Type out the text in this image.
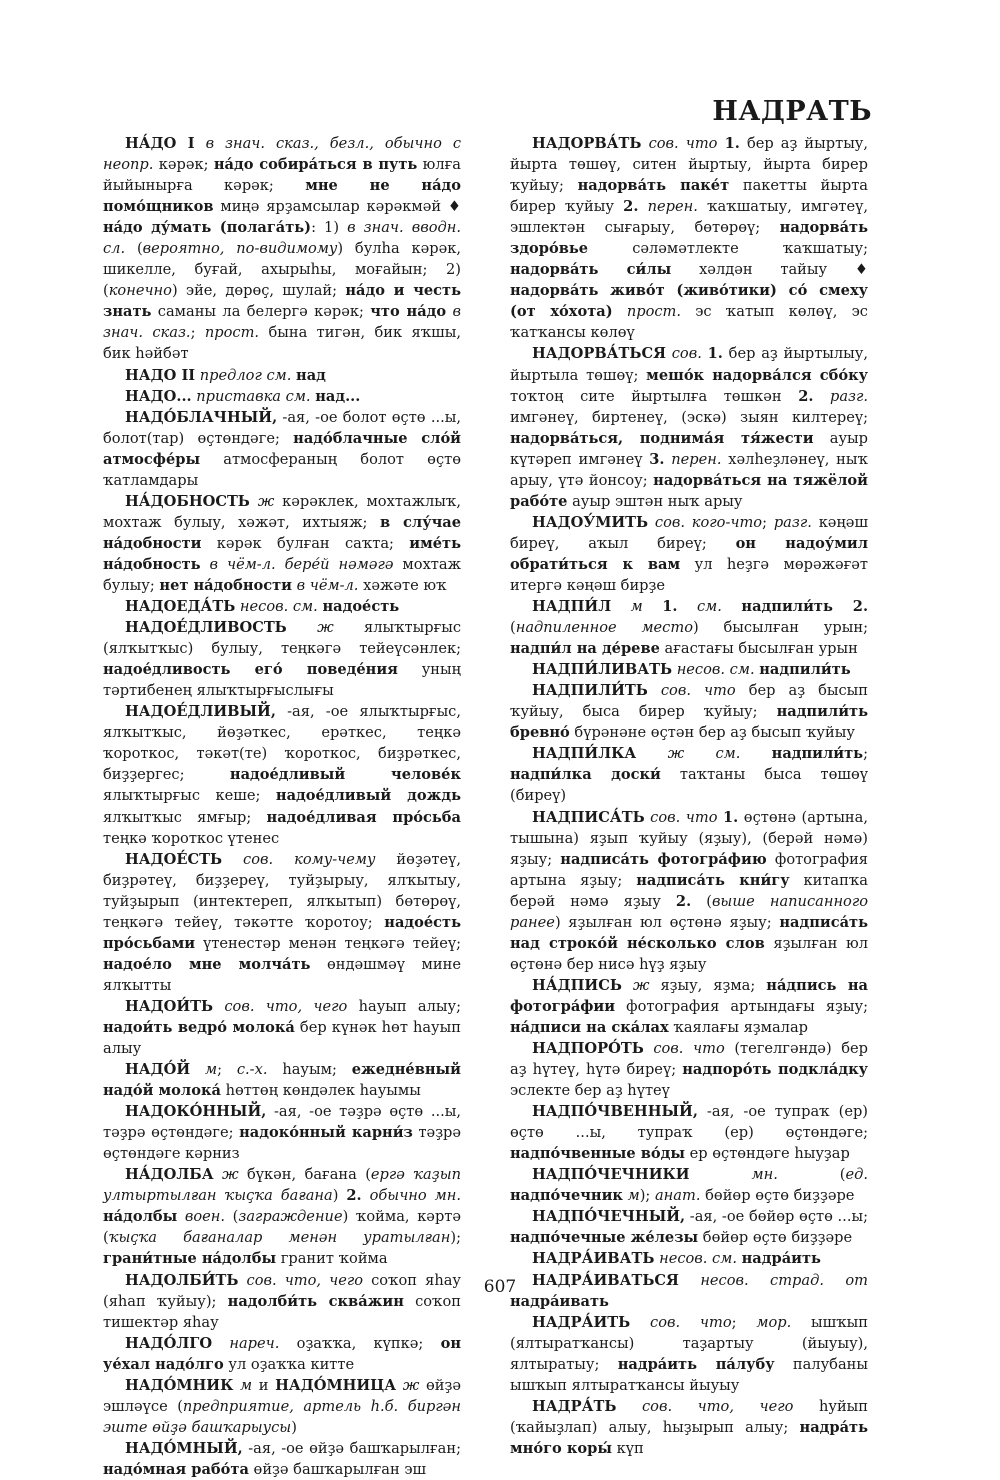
НАДРАТЬ

НА́ДО I в знач. сказ., безл., обычно с неопр. кәрәк; на́до собира́ться в путь юлға йыйынырға кәрәк; мне не на́до помо́щников миңә ярҙамсылар кәрәкмәй ♦ на́до ду́мать (полага́ть): 1) в знач. вводн. сл. (вероятно, по-видимому) булһа кәрәк, шикелле, буғай, ахырыһы, моғайын; 2) (конечно) эйе, дөрөҫ, шулай; на́до и честь знать саманы ла белергә кәрәк; что на́до в знач. сказ.; прост. бына тигән, бик яҡшы, бик һәйбәт

НАДО II предлог см. над

НАДО... приставка см. над...

НАДО́БЛАЧНЫЙ, -ая, -ое болот өҫтө ...ы, болот(тар) өҫтөндәге; надо́блачные сло́й атмосфе́ры атмосфераның болот өҫтө ҡатламдары

НА́ДОБНОСТЬ ж кәрәклек, мохтажлыҡ, мохтаж булыу, хәжәт, ихтыяж; в слу́чае на́добности кәрәк булған саҡта; име́ть на́добность в чём-л. бере́й нәмәгә мохтаж булыу; нет на́добности в чём-л. хәжәте юҡ

НАДОЕДА́ТЬ несов. см. надое́сть

НАДОЕ́ДЛИВОСТЬ ж ялыҡтырғыс (ялҡытҡыс) булыу, теңкәгә тейеүсәнлек; надое́дливость его́ поведе́ния уның тәртибенең ялыҡтырғыслығы

НАДОЕ́ДЛИВЫЙ, -ая, -ое ялыҡтырғыс, ялҡытҡыс, йөҙәткес, ерәткес, теңкә ҡороткос, тәкәт(те) ҡороткос, биҙрәткес, биҙҙергес; надое́дливый челове́к ялыҡтырғыс кеше; надое́дливый дождь ялҡытҡыс ямғыр; надое́дливая про́сьба теңкә ҡороткос үтенес

НАДОЕ́СТЬ сов. кому-чему йөҙәтеү, биҙрәтеү, биҙҙереү, туйҙырыу, ялҡытыу, туйҙырып (интектереп, ялҡытып) бөтөрөү, теңкәгә тейеү, тәкәтте ҡоротоу; надое́сть про́сьбами үтенестәр менән теңкәгә тейеү; надое́ло мне молча́ть өндәшмәү мине ялҡытты

НАДОИ́ТЬ сов. что, чего һауып алыу; надои́ть ведро́ молока́ бер күнәк һөт һауып алыу

НАДО́Й м; с.-х. һауым; ежедне́вный надо́й молока́ һөттөң көндәлек һауымы

НАДОКО́ННЫЙ, -ая, -ое тәҙрә өҫтө ...ы, тәҙрә өҫтөндәге; надоко́нный карни́з тәҙрә өҫтөндәге кәрниз

НА́ДОЛБА ж бүкән, бағана (ергә ҡаҙып ултыртылған ҡыҫҡа бағана) 2. обычно мн. на́долбы воен. (заграждение) ҡойма, кәртә (ҡыҫҡа бағаналар менән уратылған); грани́тные на́долбы гранит ҡойма

НАДОЛБИ́ТЬ сов. что, чего соҡоп яһау (яһап ҡуйыу); надолби́ть сква́жин соҡоп тишектәр яһау

НАДО́ЛГО нареч. оҙаҡҡа, күпкә; он уе́хал надо́лго ул оҙаҡҡа китте

НАДО́МНИК м и НАДО́МНИЦА ж өйҙә эшләүсе (предприятие, артель һ.б. биргән эште өйҙә башҡарыусы)

НАДО́МНЫЙ, -ая, -ое өйҙә башҡарылған; надо́мная рабо́та өйҙә башҡарылған эш

НАДОРВА́ТЬ сов. что 1. бер аҙ йыртыу, йырта төшөү, ситен йыртыу, йырта бирер ҡуйыу; надорва́ть паке́т пакетты йырта бирер ҡуйыу 2. перен. ҡаҡшатыу, имгәтеү, эшлектән сығарыу, бөтөрөү; надорва́ть здоро́вье сәләмәтлекте ҡаҡшатыу; надорва́ть си́лы хәлдән тайыу ♦ надорва́ть живо́т (живо́тики) со́ смеху (от хо́хота) прост. эс ҡатып көлөү, эс ҡатҡансы көлөү

НАДОРВА́ТЬСЯ сов. 1. бер аҙ йыртылыу, йыртыла төшөү; мешо́к надорва́лся сбо́ку тоҡтоң сите йыртылға төшкән 2. разг. имгәнеү, биртенеү, (эскә) зыян килтереү; надорва́ться, поднима́я тя́жести ауыр күтәреп имгәнеү 3. перен. хәлһеҙләнеү, ныҡ арыу, үтә йонсоу; надорва́ться на тяжёлой рабо́те ауыр эштән ныҡ арыу

НАДОУ́МИТЬ сов. кого-что; разг. кәңәш биреү, аҡыл биреү; он надоу́мил обрати́ться к вам ул һеҙгә мөрәжәғәт итергә кәңәш бирҙе

НАДПИ́Л м 1. см. надпили́ть 2. (надпиленное место) бысылған урын; надпи́л на де́реве ағастағы бысылған урын

НАДПИ́ЛИВАТЬ несов. см. надпили́ть

НАДПИЛИ́ТЬ сов. что бер аҙ бысып ҡуйыу, быса бирер ҡуйыу; надпили́ть бревно́ бүрәнәне өҫтән бер аҙ бысып ҡуйыу

НАДПИ́ЛКА ж см. надпили́ть; надпи́лка доски́ таҡтаны быса төшөү (биреү)

НАДПИСА́ТЬ сов. что 1. өҫтөнә (артына, тышына) яҙып ҡуйыу (яҙыу), (берәй нәмә) яҙыу; надписа́ть фотогра́фию фотография артына яҙыу; надписа́ть кни́гу китапҡа берәй нәмә яҙыу 2. (выше написанного ранее) яҙылған юл өҫтөнә яҙыу; надписа́ть над строко́й не́сколько слов яҙылған юл өҫтөнә бер нисә һүҙ яҙыу

НА́ДПИСЬ ж яҙыу, яҙма; на́дпись на фотогра́фии фотография артындағы яҙыу; на́дписи на ска́лах ҡаялағы яҙмалар

НАДПОРО́ТЬ сов. что (тегелгәндә) бер аҙ һүтеү, һүтә биреү; надпоро́ть подкла́дку эслекте бер аҙ һүтеү

НАДПО́ЧВЕННЫЙ, -ая, -ое тупраҡ (ер) өҫтө ...ы, тупраҡ (ер) өҫтөндәге; надпо́чвенные во́ды ер өҫтөндәге һыуҙар

НАДПО́ЧЕЧНИКИ	мн. (ед. надпо́чечник м); анат. бөйөр өҫтө биҙҙәре

НАДПО́ЧЕЧНЫЙ, -ая, -ое бөйөр өҫтө ...ы; надпо́чечные же́лезы бөйөр өҫтө биҙҙәре

НАДРА́ИВАТЬ несов. см. надра́ить

НАДРА́ИВАТЬСЯ несов. страд. от надра́ивать

НАДРА́ИТЬ сов. что; мор. ышҡып (ялтыратҡансы) таҙартыу (йыуыу), ялтыратыу; надра́ить па́лубу палубаны ышҡып ялтыратҡансы йыуыу

НАДРА́ТЬ сов. что, чего һуйып (ҡайыҙлап) алыу, һыҙырып алыу; надра́ть мно́го коры́ күп

607
